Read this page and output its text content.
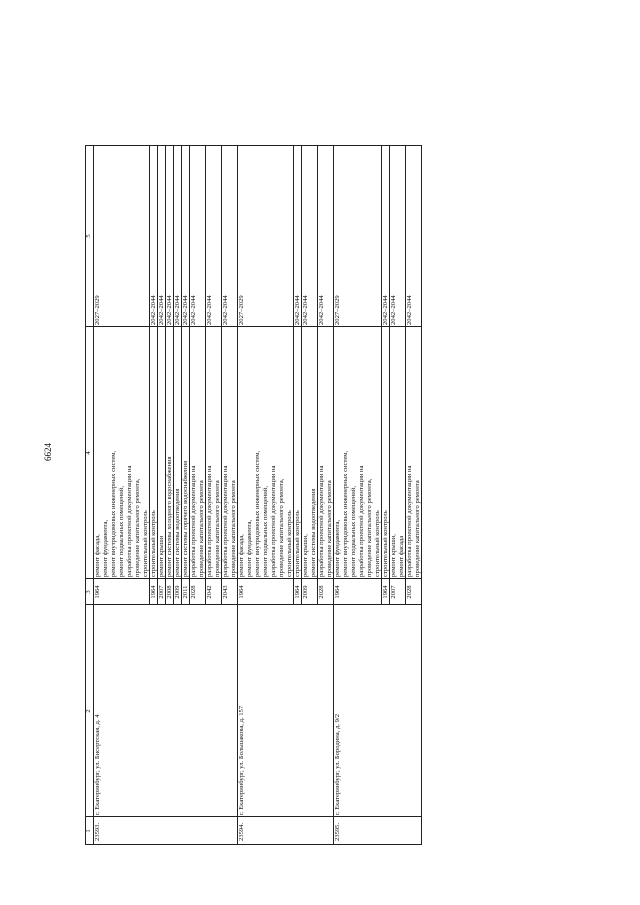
6624
1
2
3
4
5
23593.
г. Екатеринбург, ул. Бисертская, д. 4
1964
ремонт фасада, ремонт фундамента, ремонт внутридомовых инженерных систем, ремонт подвальных помещений, разработка проектной документации на проведение капитального ремонта, строительный контроль
2027–2029
1964
строительный контроль
2042–2044
2007
ремонт крыши
2042–2044
2008
ремонт системы холодного водоснабжения
2042–2044
2009
ремонт системы водоотведения
2042–2044
2011
ремонт системы горячего водоснабжения
2042–2044
2028
разработка проектной документации на проведение капитального ремонта
2042–2044
2042
разработка проектной документации на проведение капитального ремонта
2042–2044
2043
разработка проектной документации на проведение капитального ремонта
2042–2044
23594.
г. Екатеринбург, ул. Большакова, д. 157
1964
ремонт фасада, ремонт фундамента, ремонт внутридомовых инженерных систем, ремонт подвальных помещений, разработка проектной документации на проведение капитального ремонта, строительный контроль
2027–2029
1964
строительный контроль
2042–2044
2009
ремонт крыши, ремонт системы водоотведения
2042–2044
2028
разработка проектной документации на проведение капитального ремонта
2042–2044
23595.
г. Екатеринбург, ул. Бородина, д. 9/2
1964
ремонт фундамента, ремонт внутридомовых инженерных систем, ремонт подвальных помещений, разработка проектной документации на проведение капитального ремонта, строительный контроль
2027–2029
1964
строительный контроль
2042–2044
2007
ремонт крыши, ремонт фасада
2042–2044
2028
разработка проектной документации на проведение капитального ремонта
2042–2044
